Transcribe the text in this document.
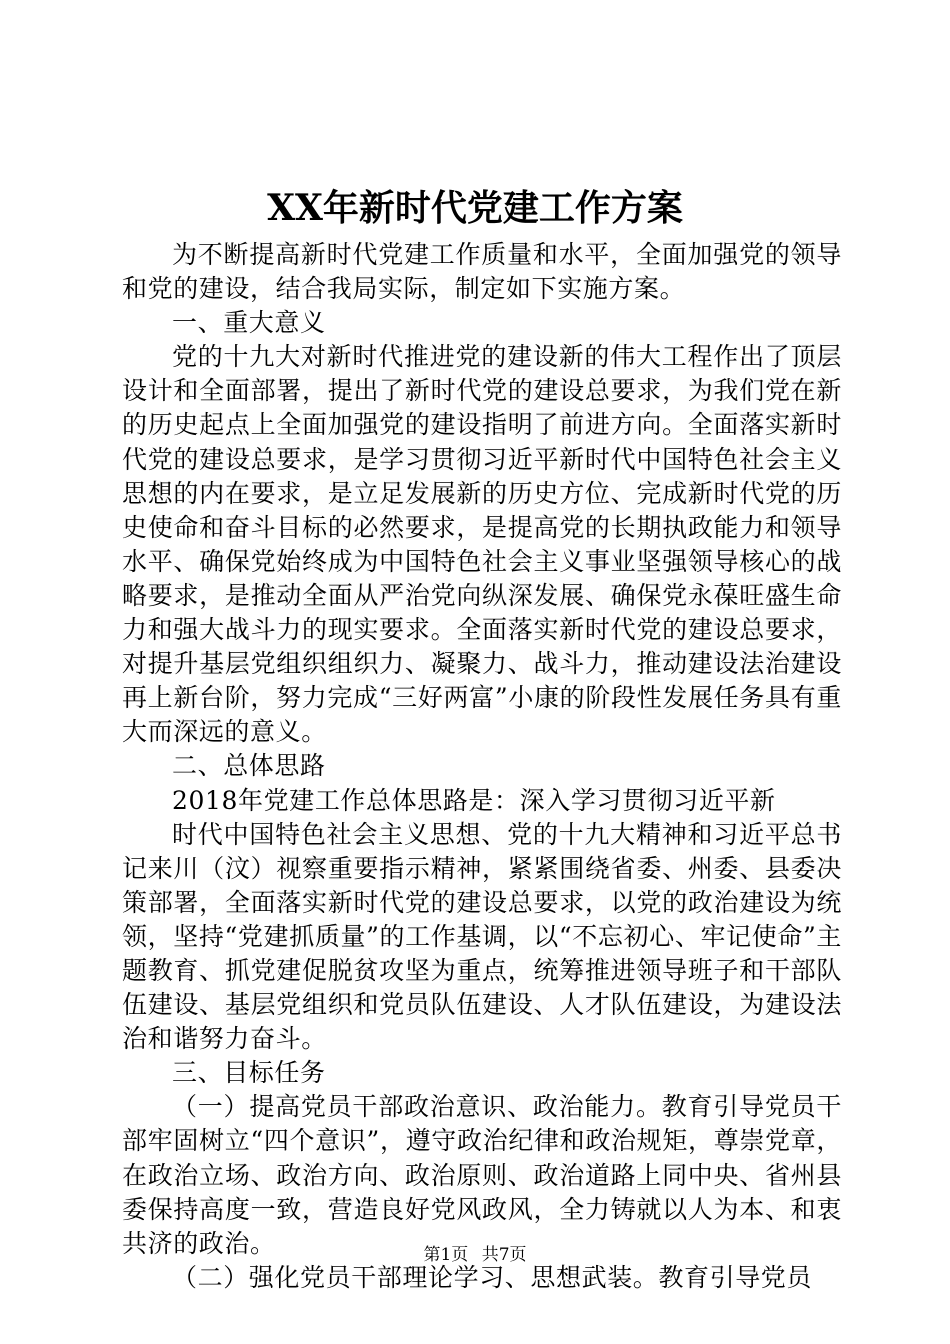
XX年新时代党建工作方案

为不断提高新时代党建工作质量和水平，全面加强党的领导和党的建设，结合我局实际，制定如下实施方案。

一、重大意义

党的十九大对新时代推进党的建设新的伟大工程作出了顶层设计和全面部署，提出了新时代党的建设总要求，为我们党在新的历史起点上全面加强党的建设指明了前进方向。全面落实新时代党的建设总要求，是学习贯彻习近平新时代中国特色社会主义思想的内在要求，是立足发展新的历史方位、完成新时代党的历史使命和奋斗目标的必然要求，是提高党的长期执政能力和领导水平、确保党始终成为中国特色社会主义事业坚强领导核心的战略要求，是推动全面从严治党向纵深发展、确保党永葆旺盛生命力和强大战斗力的现实要求。全面落实新时代党的建设总要求，对提升基层党组织组织力、凝聚力、战斗力，推动建设法治建设再上新台阶，努力完成“三好两富”小康的阶段性发展任务具有重大而深远的意义。

二、总体思路

2018年党建工作总体思路是：深入学习贯彻习近平新

时代中国特色社会主义思想、党的十九大精神和习近平总书记来川（汶）视察重要指示精神，紧紧围绕省委、州委、县委决策部署，全面落实新时代党的建设总要求，以党的政治建设为统领，坚持“党建抓质量”的工作基调，以“不忘初心、牢记使命”主题教育、抓党建促脱贫攻坚为重点，统筹推进领导班子和干部队伍建设、基层党组织和党员队伍建设、人才队伍建设，为建设法治和谐努力奋斗。

三、目标任务

（一）提高党员干部政治意识、政治能力。教育引导党员干部牢固树立“四个意识”，遵守政治纪律和政治规矩，尊崇党章，在政治立场、政治方向、政治原则、政治道路上同中央、省州县委保持高度一致，营造良好党风政风，全力铸就以人为本、和衷共济的政治。

（二）强化党员干部理论学习、思想武装。教育引导党员

第1页 共7页
